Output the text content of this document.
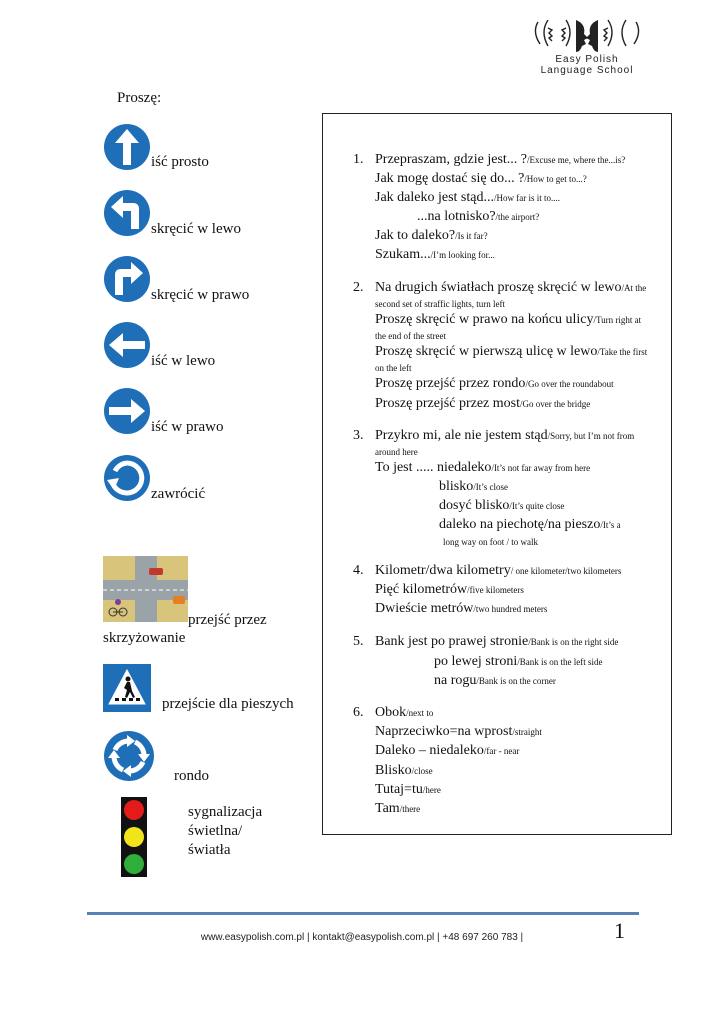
Easy Polish
Language School
Proszę:
iść prosto
skręcić w lewo
skręcić w prawo
iść w lewo
iść w prawo
zawrócić
przejść przez
skrzyżowanie
przejście dla pieszych
rondo
sygnalizacja
świetlna/
światła
1. Przepraszam, gdzie jest... ?/Excuse me, where the...is?
Jak mogę dostać się do... ?/How to get to...?
Jak daleko jest stąd.../How far is it to....
...na lotnisko?/the airport?
Jak to daleko?/Is it far?
Szukam.../I’m looking for...
2. Na drugich światłach proszę skręcić w lewo/At the
second set of straffic lights, turn left
Proszę skręcić w prawo na końcu ulicy/Turn right at
the end of the street
Proszę skręcić w pierwszą ulicę w lewo/Take the first
on the left
Proszę przejść przez rondo/Go over the roundabout
Proszę przejść przez most/Go over the bridge
3. Przykro mi, ale nie jestem stąd/Sorry, but I’m not from
around here
To jest ..... niedaleko/It’s not far away from here
blisko/It’s close
dosyć blisko/It’s quite close
daleko na piechotę/na pieszo/It’s a
long way on foot / to walk
4. Kilometr/dwa kilometry/ one kilometer/two kilometers
Pięć kilometrów/five kilometers
Dwieście metrów/two hundred meters
5. Bank jest po prawej stronie/Bank is on the right side
po lewej stroni/Bank is on the left side
na rogu/Bank is on the corner
6. Obok/next to
Naprzeciwko=na wprost/straight
Daleko – niedaleko/far - near
Blisko/close
Tutaj=tu/here
Tam/there
www.easypolish.com.pl | kontakt@easypolish.com.pl | +48 697 260 783 |	1
